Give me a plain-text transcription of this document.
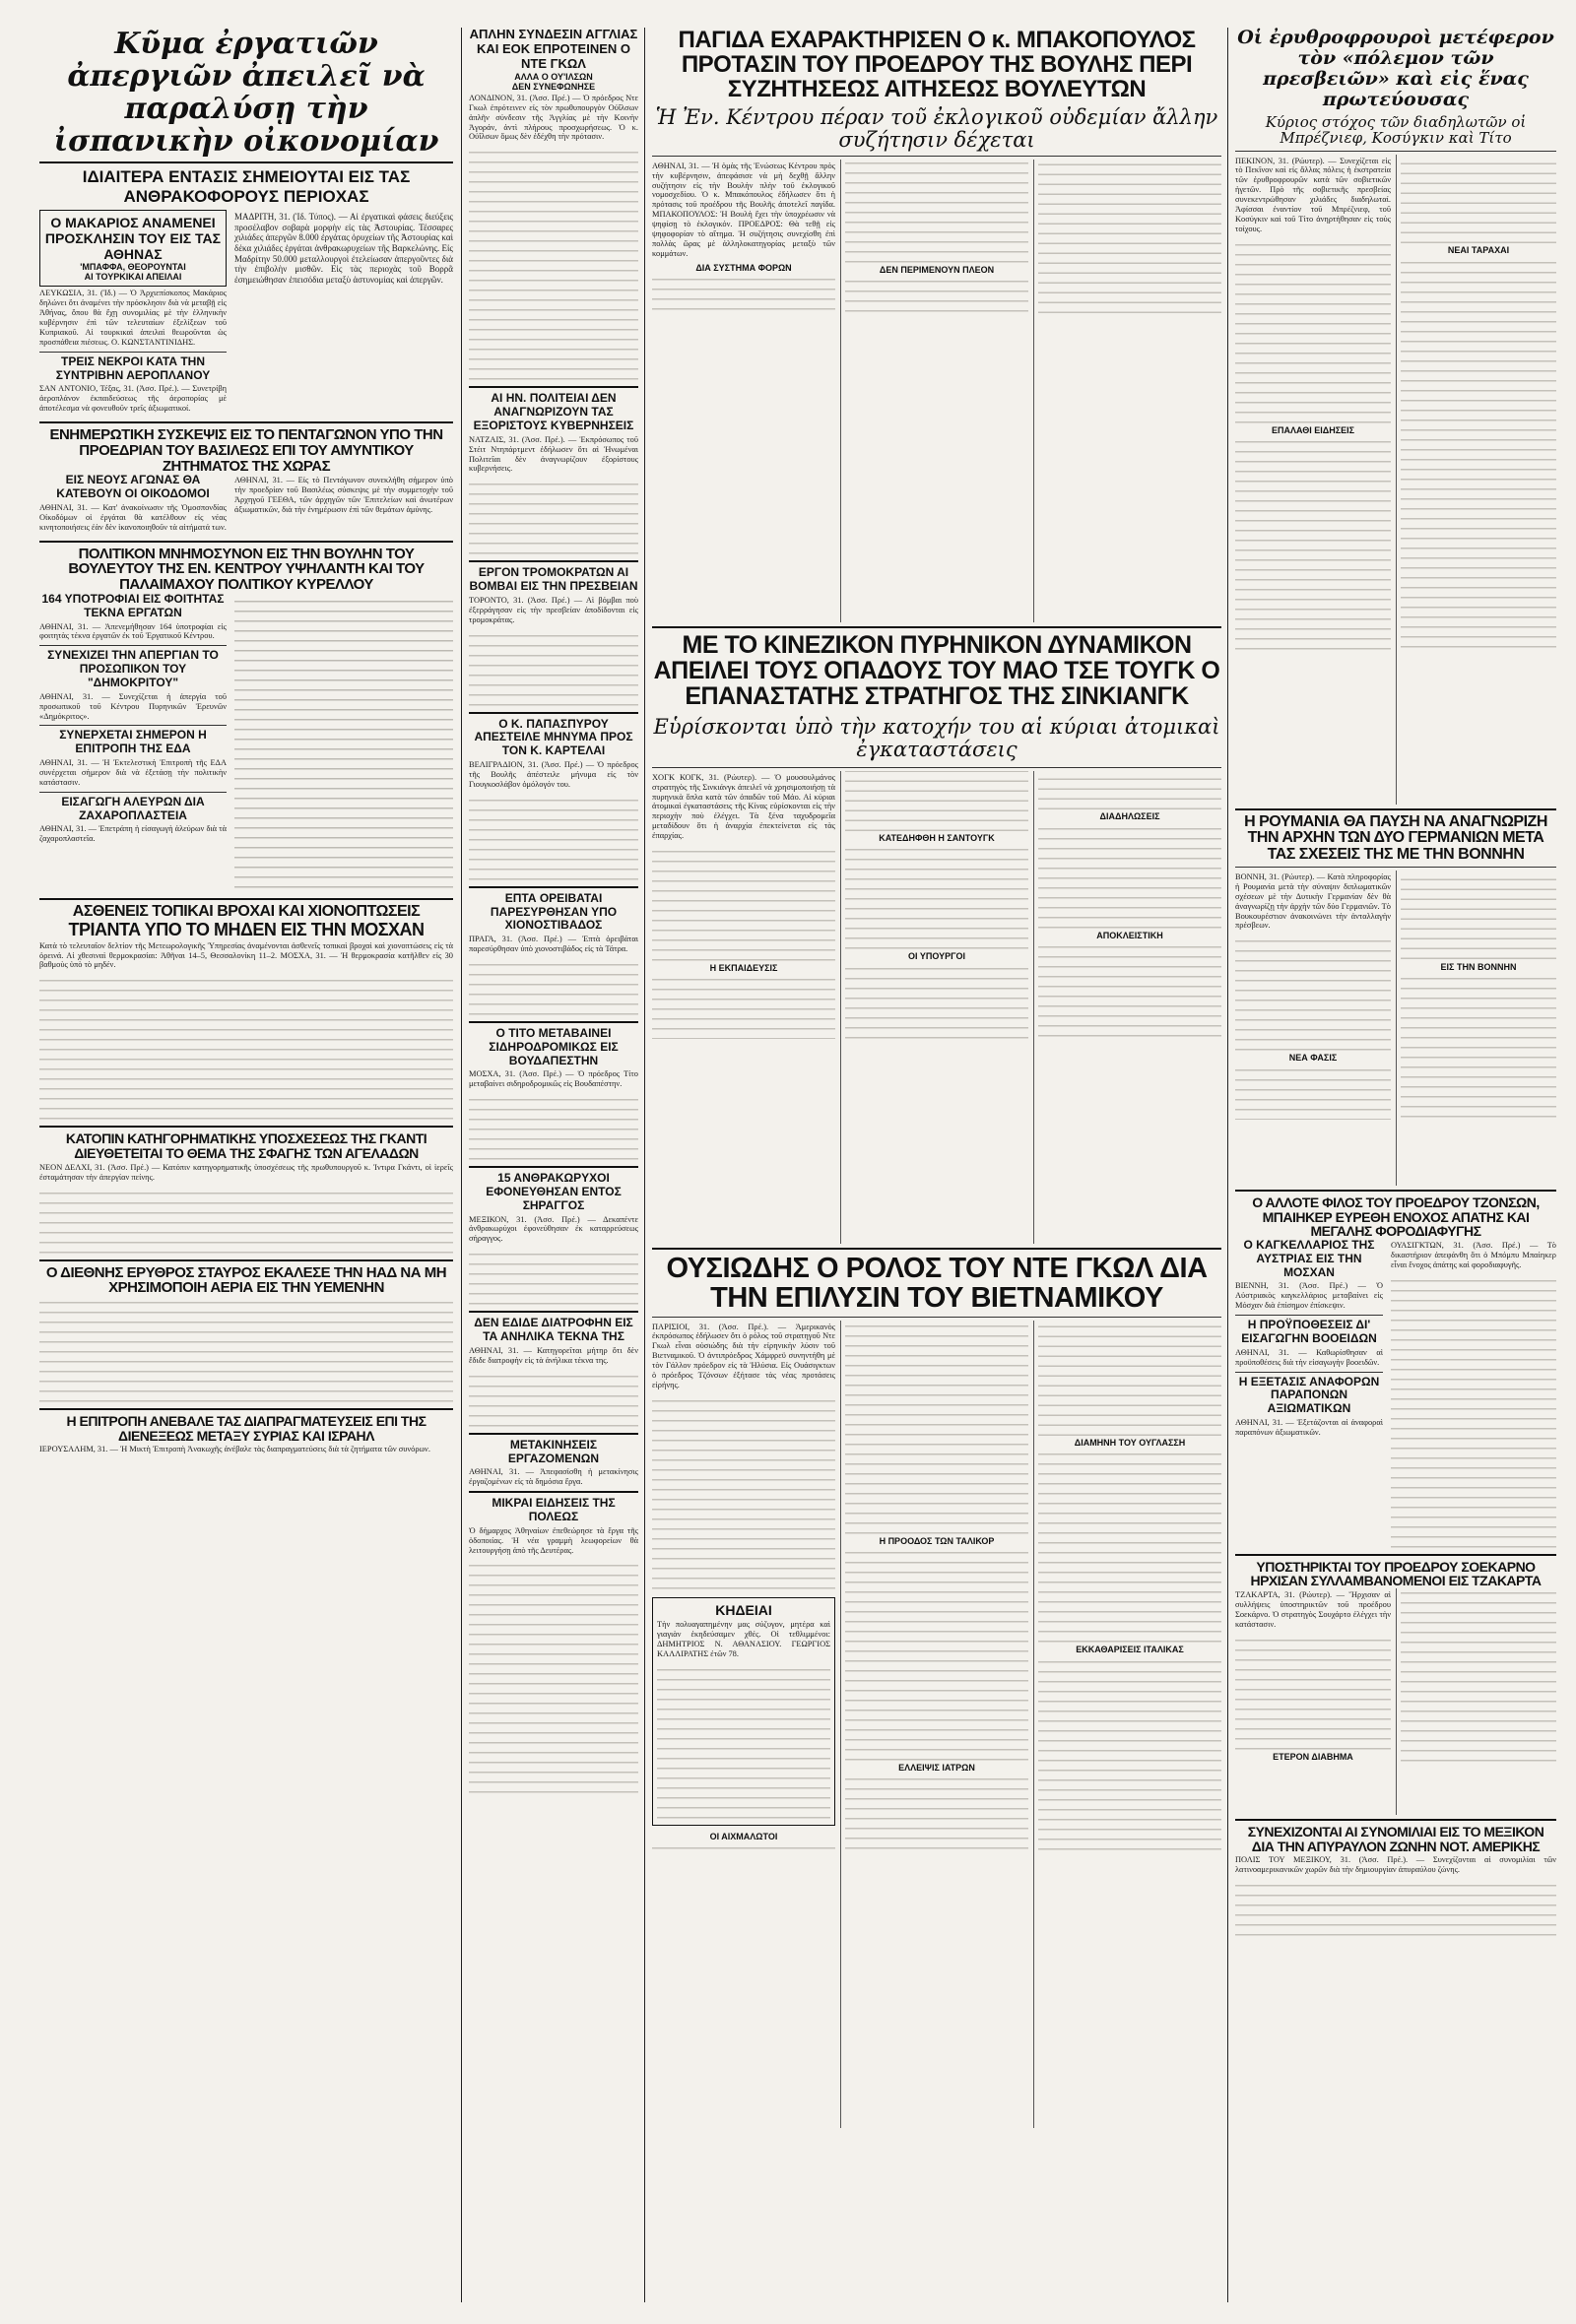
Κῦμα ἐργατιῶν ἀπεργιῶν ἀπειλεῖ νὰ παραλύσῃ τὴν ἰσπανικὴν οἰκονομίαν
ΙΔΙΑΙΤΕΡΑ ΕΝΤΑΣΙΣ ΣΗΜΕΙΟΥΤΑΙ ΕΙΣ ΤΑΣ ΑΝΘΡΑΚΟΦΟΡΟΥΣ ΠΕΡΙΟΧΑΣ
Ο ΜΑΚΑΡΙΟΣ ΑΝΑΜΕΝΕΙ ΠΡΟΣΚΛΗΣΙΝ ΤΟΥ ΕΙΣ ΤΑΣ ΑΘΗΝΑΣ
'ΜΠΑΦΦΑ, ΘΕΟΡΟΥΝΤΑΙ
ΑΙ ΤΟΥΡΚΙΚΑΙ ΑΠΕΙΛΑΙ

ΛΕΥΚΩΣΙΑ, 31. (Ἰδ.) — Ὁ Ἀρχιεπίσκοπος Μακάριος δηλώνει ὅτι ἀναμένει τὴν πρόσκλησιν διὰ νὰ μεταβῇ εἰς Ἀθήνας, ὅπου θὰ ἔχῃ συνομιλίας μὲ τὴν ἑλληνικὴν κυβέρνησιν ἐπὶ τῶν τελευταίων ἐξελίξεων τοῦ Κυπριακοῦ. Αἱ τουρκικαὶ ἀπειλαὶ θεωροῦνται ὡς προσπάθεια πιέσεως. Ο. ΚΩΝΣΤΑΝΤΙΝΙΔΗΣ.

ΤΡΕΙΣ ΝΕΚΡΟΙ ΚΑΤΑ ΤΗΝ ΣΥΝΤΡΙΒΗΝ ΑΕΡΟΠΛΑΝΟΥ

ΣΑΝ ΑΝΤΟΝΙΟ, Τέξας, 31. (Ἀσσ. Πρέ.). — Συνετρίβη ἀεροπλάνον ἐκπαιδεύσεως τῆς ἀεροπορίας μὲ ἀποτέλεσμα νὰ φονευθοῦν τρεῖς ἀξιωματικοί.

ΜΑΔΡΙΤΗ, 31. (Ἰδ. Τύπος). — Αἱ ἐργατικαὶ φάσεις διεύξεις προσέλαβον σοβαρὰ μορφὴν εἰς τὰς Ἀστουρίας. Τέσσαρες χιλιάδες ἀπεργῶν 8.000 ἐργάτας ὁρυχείων τῆς Ἀστουρίας καὶ δέκα χιλιάδες ἐργάται ἀνθρακωρυχείων τῆς Βαρκελώνης. Εἰς Μαδρίτην 50.000 μεταλλουργοὶ ἐτελείωσαν ἀπεργοῦντες διὰ τὴν ἐπιβολὴν μισθῶν. Εἰς τὰς περιοχὰς τοῦ Βορρᾶ ἐσημειώθησαν ἐπεισόδια μεταξὺ ἀστυνομίας καὶ ἀπεργῶν.

ΕΝΗΜΕΡΩΤΙΚΗ ΣΥΣΚΕΨΙΣ ΕΙΣ ΤΟ ΠΕΝΤΑΓΩΝΟΝ ΥΠΟ ΤΗΝ ΠΡΟΕΔΡΙΑΝ ΤΟΥ ΒΑΣΙΛΕΩΣ ΕΠΙ ΤΟΥ ΑΜΥΝΤΙΚΟΥ ΖΗΤΗΜΑΤΟΣ ΤΗΣ ΧΩΡΑΣ
ΕΙΣ ΝΕΟΥΣ ΑΓΩΝΑΣ ΘΑ ΚΑΤΕΒΟΥΝ ΟΙ ΟΙΚΟΔΟΜΟΙ

ΑΘΗΝΑΙ, 31. — Κατ' ἀνακοίνωσιν τῆς Ὁμοσπονδίας Οἰκοδόμων οἱ ἐργάται θὰ κατέλθουν εἰς νέας κινητοποιήσεις ἐὰν δὲν ἱκανοποιηθοῦν τὰ αἰτήματά των.

ΑΘΗΝΑΙ, 31. — Εἰς τὸ Πεντάγωνον συνεκλήθη σήμερον ὑπὸ τὴν προεδρίαν τοῦ Βασιλέως σύσκεψις μὲ τὴν συμμετοχὴν τοῦ Ἀρχηγοῦ ΓΕΕΘΑ, τῶν ἀρχηγῶν τῶν Ἐπιτελείων καὶ ἀνωτέρων ἀξιωματικῶν, διὰ τὴν ἐνημέρωσιν ἐπὶ τῶν θεμάτων ἀμύνης.

ΠΟΛΙΤΙΚΟΝ ΜΝΗΜΟΣΥΝΟΝ ΕΙΣ ΤΗΝ ΒΟΥΛΗΝ ΤΟΥ ΒΟΥΛΕΥΤΟΥ ΤΗΣ ΕΝ. ΚΕΝΤΡΟΥ ΥΨΗΛΑΝΤΗ ΚΑΙ ΤΟΥ ΠΑΛΑΙΜΑΧΟΥ ΠΟΛΙΤΙΚΟΥ ΚΥΡΕΛΛΟΥ
164 ΥΠΟΤΡΟΦΙΑΙ ΕΙΣ ΦΟΙΤΗΤΑΣ ΤΕΚΝΑ ΕΡΓΑΤΩΝ

ΑΘΗΝΑΙ, 31. — Ἀπενεμήθησαν 164 ὑποτροφίαι εἰς φοιτητὰς τέκνα ἐργατῶν ἐκ τοῦ Ἐργατικοῦ Κέντρου.

ΣΥΝΕΧΙΖΕΙ ΤΗΝ ΑΠΕΡΓΙΑΝ ΤΟ ΠΡΟΣΩΠΙΚΟΝ ΤΟΥ "ΔΗΜΟΚΡΙΤΟΥ"

ΑΘΗΝΑΙ, 31. — Συνεχίζεται ἡ ἀπεργία τοῦ προσωπικοῦ τοῦ Κέντρου Πυρηνικῶν Ἐρευνῶν «Δημόκριτος».

ΣΥΝΕΡΧΕΤΑΙ ΣΗΜΕΡΟΝ Η ΕΠΙΤΡΟΠΗ ΤΗΣ ΕΔΑ

ΑΘΗΝΑΙ, 31. — Ἡ Ἐκτελεστικὴ Ἐπιτροπὴ τῆς ΕΔΑ συνέρχεται σήμερον διὰ νὰ ἐξετάσῃ τὴν πολιτικὴν κατάστασιν.

ΕΙΣΑΓΩΓΗ ΑΛΕΥΡΩΝ ΔΙΑ ΖΑΧΑΡΟΠΛΑΣΤΕΙΑ

ΑΘΗΝΑΙ, 31. — Ἐπετράπη ἡ εἰσαγωγὴ ἀλεύρων διὰ τὰ ζαχαροπλαστεῖα.

ΑΣΘΕΝΕΙΣ ΤΟΠΙΚΑΙ ΒΡΟΧΑΙ ΚΑΙ ΧΙΟΝΟΠΤΩΣΕΙΣ
ΤΡΙΑΝΤΑ ΥΠΟ ΤΟ ΜΗΔΕΝ ΕΙΣ ΤΗΝ ΜΟΣΧΑΝ

Κατὰ τὸ τελευταῖον δελτίον τῆς Μετεωρολογικῆς Ὑπηρεσίας ἀναμένονται ἀσθενεῖς τοπικαὶ βροχαὶ καὶ χιονοπτώσεις εἰς τὰ ὀρεινά. Αἱ χθεσιναὶ θερμοκρασίαι: Ἀθῆναι 14–5, Θεσσαλονίκη 11–2. ΜΟΣΧΑ, 31. — Ἡ θερμοκρασία κατῆλθεν εἰς 30 βαθμοὺς ὑπὸ τὸ μηδέν.

ΚΑΤΟΠΙΝ ΚΑΤΗΓΟΡΗΜΑΤΙΚΗΣ ΥΠΟΣΧΕΣΕΩΣ ΤΗΣ ΓΚΑΝΤΙ ΔΙΕΥΘΕΤΕΙΤΑΙ ΤΟ ΘΕΜΑ ΤΗΣ ΣΦΑΓΗΣ ΤΩΝ ΑΓΕΛΑΔΩΝ

ΝΕΟΝ ΔΕΛΧΙ, 31. (Ἀσσ. Πρέ.) — Κατόπιν κατηγορηματικῆς ὑποσχέσεως τῆς πρωθυπουργοῦ κ. Ἰντιρα Γκάντι, οἱ ἱερεῖς ἐσταμάτησαν τὴν ἀπεργίαν πείνης.

Ο ΔΙΕΘΝΗΣ ΕΡΥΘΡΟΣ ΣΤΑΥΡΟΣ ΕΚΑΛΕΣΕ ΤΗΝ ΗΑΔ ΝΑ ΜΗ ΧΡΗΣΙΜΟΠΟΙΗ ΑΕΡΙΑ ΕΙΣ ΤΗΝ ΥΕΜΕΝΗΝ
Η ΕΠΙΤΡΟΠΗ ΑΝΕΒΑΛΕ ΤΑΣ ΔΙΑΠΡΑΓΜΑΤΕΥΣΕΙΣ ΕΠΙ ΤΗΣ ΔΙΕΝΕΞΕΩΣ ΜΕΤΑΞΥ ΣΥΡΙΑΣ ΚΑΙ ΙΣΡΑΗΛ

ΙΕΡΟΥΣΑΛΗΜ, 31. — Ἡ Μικτὴ Ἐπιτροπὴ Ἀνακωχῆς ἀνέβαλε τὰς διαπραγματεύσεις διὰ τὰ ζητήματα τῶν συνόρων.

ΑΠΛΗΝ ΣΥΝΔΕΣΙΝ ΑΓΓΛΙΑΣ ΚΑΙ ΕΟΚ ΕΠΡΟΤΕΙΝΕΝ Ο ΝΤΕ ΓΚΩΛ
ΑΛΛΑ Ο ΟΥ'ΙΛΣΩΝ
ΔΕΝ ΣΥΝΕΦΩΝΗΣΕ

ΛΟΝΔΙΝΟΝ, 31. (Ἀσσ. Πρέ.) — Ὁ πρόεδρος Ντε Γκωλ ἐπρότεινεν εἰς τὸν πρωθυπουργὸν Οὐΐλσων ἁπλῆν σύνδεσιν τῆς Ἀγγλίας μὲ τὴν Κοινὴν Ἀγοράν, ἀντὶ πλήρους προσχωρήσεως. Ὁ κ. Οὐΐλσων ὅμως δὲν ἐδέχθη τὴν πρότασιν.

ΑΙ ΗΝ. ΠΟΛΙΤΕΙΑΙ ΔΕΝ ΑΝΑΓΝΩΡΙΖΟΥΝ ΤΑΣ ΕΞΟΡΙΣΤΟΥΣ ΚΥΒΕΡΝΗΣΕΙΣ

ΝΑΤΖΑΙΣ, 31. (Ἀσσ. Πρέ.). — Ἐκπρόσωπος τοῦ Στέιτ Ντηπάρτμεντ ἐδήλωσεν ὅτι αἱ Ἡνωμέναι Πολιτεῖαι δὲν ἀναγνωρίζουν ἐξορίστους κυβερνήσεις.

ΕΡΓΟΝ ΤΡΟΜΟΚΡΑΤΩΝ ΑΙ ΒΟΜΒΑΙ ΕΙΣ ΤΗΝ ΠΡΕΣΒΕΙΑΝ

ΤΟΡΟΝΤΟ, 31. (Ἀσσ. Πρέ.) — Αἱ βόμβαι ποὺ ἐξερράγησαν εἰς τὴν πρεσβείαν ἀποδίδονται εἰς τρομοκράτας.

Ο Κ. ΠΑΠΑΣΠΥΡΟΥ ΑΠΕΣΤΕΙΛΕ ΜΗΝΥΜΑ ΠΡΟΣ ΤΟΝ Κ. ΚΑΡΤΕΛΑΙ

ΒΕΛΙΓΡΑΔΙΟΝ, 31. (Ἀσσ. Πρέ.) — Ὁ πρόεδρος τῆς Βουλῆς ἀπέστειλε μήνυμα εἰς τὸν Γιουγκοσλάβον ὁμόλογόν του.

ΕΠΤΑ ΟΡΕΙΒΑΤΑΙ ΠΑΡΕΣΥΡΘΗΣΑΝ ΥΠΟ ΧΙΟΝΟΣΤΙΒΑΔΟΣ

ΠΡΑΓΑ, 31. (Ἀσσ. Πρέ.) — Ἑπτὰ ὀρειβάται παρεσύρθησαν ὑπὸ χιονοστιβάδος εἰς τὰ Τάτρα.

Ο ΤΙΤΟ ΜΕΤΑΒΑΙΝΕΙ ΣΙΔΗΡΟΔΡΟΜΙΚΩΣ ΕΙΣ ΒΟΥΔΑΠΕΣΤΗΝ

ΜΟΣΧΑ, 31. (Ἀσσ. Πρέ.) — Ὁ πρόεδρος Τίτο μεταβαίνει σιδηροδρομικῶς εἰς Βουδαπέστην.

15 ΑΝΘΡΑΚΩΡΥΧΟΙ ΕΦΟΝΕΥΘΗΣΑΝ ΕΝΤΟΣ ΣΗΡΑΓΓΟΣ

ΜΕΞΙΚΟΝ, 31. (Ἀσσ. Πρέ.) — Δεκαπέντε ἀνθρακωρύχοι ἐφονεύθησαν ἐκ καταρρεύσεως σήραγγος.

ΔΕΝ ΕΔΙΔΕ ΔΙΑΤΡΟΦΗΝ ΕΙΣ ΤΑ ΑΝΗΛΙΚΑ ΤΕΚΝΑ ΤΗΣ

ΑΘΗΝΑΙ, 31. — Κατηγορεῖται μήτηρ ὅτι δὲν ἔδιδε διατροφὴν εἰς τὰ ἀνήλικα τέκνα της.

ΜΕΤΑΚΙΝΗΣΕΙΣ ΕΡΓΑΖΟΜΕΝΩΝ

ΑΘΗΝΑΙ, 31. — Ἀπεφασίσθη ἡ μετακίνησις ἐργαζομένων εἰς τὰ δημόσια ἔργα.

ΜΙΚΡΑΙ ΕΙΔΗΣΕΙΣ ΤΗΣ ΠΟΛΕΩΣ

Ὁ δήμαρχος Ἀθηναίων ἐπεθεώρησε τὰ ἔργα τῆς ὁδοποιίας. Ἡ νέα γραμμὴ λεωφορείων θὰ λειτουργήσῃ ἀπὸ τῆς Δευτέρας.

ΠΑΓΙΔΑ ΕΧΑΡΑΚΤΗΡΙΣΕΝ Ο κ. ΜΠΑΚΟΠΟΥΛΟΣ ΠΡΟΤΑΣΙΝ ΤΟΥ ΠΡΟΕΔΡΟΥ ΤΗΣ ΒΟΥΛΗΣ ΠΕΡΙ ΣΥΖΗΤΗΣΕΩΣ ΑΙΤΗΣΕΩΣ ΒΟΥΛΕΥΤΩΝ
Ἡ Ἐν. Κέντρου πέραν τοῦ ἐκλογικοῦ οὐδεμίαν ἄλλην συζήτησιν δέχεται

ΑΘΗΝΑΙ, 31. — Ἡ ὁμὰς τῆς Ἑνώσεως Κέντρου πρὸς τὴν κυβέρνησιν, ἀπεφάσισε νὰ μὴ δεχθῇ ἄλλην συζήτησιν εἰς τὴν Βουλὴν πλὴν τοῦ ἐκλογικοῦ νομοσχεδίου. Ὁ κ. Μπακόπουλος ἐδήλωσεν ὅτι ἡ πρότασις τοῦ προέδρου τῆς Βουλῆς ἀποτελεῖ παγίδα. ΜΠΑΚΟΠΟΥΛΟΣ: Ἡ Βουλὴ ἔχει τὴν ὑποχρέωσιν νὰ ψηφίσῃ τὸ ἐκλογικόν. ΠΡΟΕΔΡΟΣ: Θὰ τεθῇ εἰς ψηφοφορίαν τὸ αἴτημα. Ἡ συζήτησις συνεχίσθη ἐπὶ πολλὰς ὥρας μὲ ἀλληλοκατηγορίας μεταξὺ τῶν κομμάτων.

ΔΙΑ ΣΥΣΤΗΜΑ ΦΟΡΩΝ	ΔΕΝ ΠΕΡΙΜΕΝΟΥΝ ΠΛΕΟΝ
ΜΕ ΤΟ ΚΙΝΕΖΙΚΟΝ ΠΥΡΗΝΙΚΟΝ ΔΥΝΑΜΙΚΟΝ ΑΠΕΙΛΕΙ ΤΟΥΣ ΟΠΑΔΟΥΣ ΤΟΥ ΜΑΟ ΤΣΕ ΤΟΥΓΚ Ο ΕΠΑΝΑΣΤΑΤΗΣ ΣΤΡΑΤΗΓΟΣ ΤΗΣ ΣΙΝΚΙΑΝΓΚ
Εὑρίσκονται ὑπὸ τὴν κατοχήν του αἱ κύριαι ἀτομικαὶ ἐγκαταστάσεις

ΧΟΓΚ ΚΟΓΚ, 31. (Ρώυτερ). — Ὁ μουσουλμάνος στρατηγὸς τῆς Σινκιάνγκ ἀπειλεῖ νὰ χρησιμοποιήσῃ τὰ πυρηνικὰ ὅπλα κατὰ τῶν ὀπαδῶν τοῦ Μάο. Αἱ κύριαι ἀτομικαὶ ἐγκαταστάσεις τῆς Κίνας εὑρίσκονται εἰς τὴν περιοχὴν ποὺ ἐλέγχει. Τὰ ξένα ταχυδρομεῖα μεταδίδουν ὅτι ἡ ἀναρχία ἐπεκτείνεται εἰς τὰς ἐπαρχίας.

Η ΕΚΠΑΙΔΕΥΣΙΣ
ΚΑΤΕΔΗΦΘΗ Η ΣΑΝΤΟΥΓΚ
ΟΙ ΥΠΟΥΡΓΟΙ
ΔΙΑΔΗΛΩΣΕΙΣ
ΑΠΟΚΛΕΙΣΤΙΚΗ
ΟΥΣΙΩΔΗΣ Ο ΡΟΛΟΣ ΤΟΥ ΝΤΕ ΓΚΩΛ ΔΙΑ ΤΗΝ ΕΠΙΛΥΣΙΝ ΤΟΥ ΒΙΕΤΝΑΜΙΚΟΥ

ΠΑΡΙΣΙΟΙ, 31. (Ἀσσ. Πρέ.). — Ἀμερικανὸς ἐκπρόσωπος ἐδήλωσεν ὅτι ὁ ρόλος τοῦ στρατηγοῦ Ντε Γκωλ εἶναι οὐσιώδης διὰ τὴν εἰρηνικὴν λύσιν τοῦ Βιετναμικοῦ. Ὁ ἀντιπρόεδρος Χάμφρεϋ συνηντήθη μὲ τὸν Γάλλον πρόεδρον εἰς τὰ Ἠλύσια. Εἰς Ουάσιγκτων ὁ πρόεδρος Τζόνσων ἐξήτασε τὰς νέας προτάσεις εἰρήνης.

ΚΗΔΕΙΑΙ

Τὴν πολυαγαπημένην μας σύζυγον, μητέρα καὶ γιαγιὰν ἐκηδεύσαμεν χθές. Οἱ τεθλιμμένοι: ΔΗΜΗΤΡΙΟΣ Ν. ΑΘΑΝΑΣΙΟΥ. ΓΕΩΡΓΙΟΣ ΚΑΛΛΙΡΑΤΗΣ ἐτῶν 78.

ΟΙ ΑΙΧΜΑΛΩΤΟΙ
Η ΠΡΟΟΔΟΣ ΤΩΝ ΤΑΛΙΚΟΡ
ΕΛΛΕΙΨΙΣ ΙΑΤΡΩΝ
ΔΙΑΜΗΝΗ ΤΟΥ ΟΥΓΛΑΣΣΗ
ΕΚΚΑΘΑΡΙΣΕΙΣ ΙΤΑΛΙΚΑΣ
Οἱ ἐρυθροφρουροὶ μετέφερον τὸν «πόλεμον τῶν πρεσβειῶν» καὶ εἰς ἕνας πρωτεύουσας
Κύριος στόχος τῶν διαδηλωτῶν οἱ Μπρέζνιεφ, Κοσύγκιν καὶ Τίτο

ΠΕΚΙΝΟΝ, 31. (Ρώυτερ). — Συνεχίζεται εἰς τὸ Πεκῖνον καὶ εἰς ἄλλας πόλεις ἡ ἐκστρατεία τῶν ἐρυθροφρουρῶν κατὰ τῶν σοβιετικῶν ἡγετῶν. Πρὸ τῆς σοβιετικῆς πρεσβείας συνεκεντρώθησαν χιλιάδες διαδηλωταί. Ἀφίσσαι ἐναντίον τοῦ Μπρέζνιεφ, τοῦ Κοσύγκιν καὶ τοῦ Τίτο ἀνηρτήθησαν εἰς τοὺς τοίχους.

ΕΠΑΛΑΘΙ ΕΙΔΗΣΕΙΣ
ΝΕΑΙ ΤΑΡΑΧΑΙ
Η ΡΟΥΜΑΝΙΑ ΘΑ ΠΑΥΣΗ ΝΑ ΑΝΑΓΝΩΡΙΖΗ ΤΗΝ ΑΡΧΗΝ ΤΩΝ ΔΥΟ ΓΕΡΜΑΝΙΩΝ ΜΕΤΑ ΤΑΣ ΣΧΕΣΕΙΣ ΤΗΣ ΜΕ ΤΗΝ ΒΟΝΝΗΝ

ΒΟΝΝΗ, 31. (Ρώυτερ). — Κατὰ πληροφορίας ἡ Ρουμανία μετὰ τὴν σύναψιν διπλωματικῶν σχέσεων μὲ τὴν Δυτικὴν Γερμανίαν δὲν θὰ ἀναγνωρίζῃ τὴν ἀρχὴν τῶν δύο Γερμανιῶν. Τὸ Βουκουρέστιον ἀνακοινώνει τὴν ἀνταλλαγὴν πρέσβεων.

ΝΕΑ ΦΑΣΙΣ
ΕΙΣ ΤΗΝ ΒΟΝΝΗΝ
Ο ΑΛΛΟΤΕ ΦΙΛΟΣ ΤΟΥ ΠΡΟΕΔΡΟΥ ΤΖΟΝΣΩΝ, ΜΠΑΙΗΚΕΡ ΕΥΡΕΘΗ ΕΝΟΧΟΣ ΑΠΑΤΗΣ ΚΑΙ ΜΕΓΑΛΗΣ ΦΟΡΟΔΙΑΦΥΓΗΣ
Ο ΚΑΓΚΕΛΛΑΡΙΟΣ ΤΗΣ ΑΥΣΤΡΙΑΣ ΕΙΣ ΤΗΝ ΜΟΣΧΑΝ

ΒΙΕΝΝΗ, 31. (Ἀσσ. Πρέ.) — Ὁ Αὐστριακὸς καγκελλάριος μεταβαίνει εἰς Μόσχαν διὰ ἐπίσημον ἐπίσκεψιν.

Η ΠΡΟΫΠΟΘΕΣΕΙΣ ΔΙ' ΕΙΣΑΓΩΓΗΝ ΒΟΟΕΙΔΩΝ

ΑΘΗΝΑΙ, 31. — Καθωρίσθησαν αἱ προϋποθέσεις διὰ τὴν εἰσαγωγὴν βοοειδῶν.

Η ΕΞΕΤΑΣΙΣ ΑΝΑΦΟΡΩΝ ΠΑΡΑΠΟΝΩΝ ΑΞΙΩΜΑΤΙΚΩΝ

ΑΘΗΝΑΙ, 31. — Ἐξετάζονται αἱ ἀναφοραὶ παραπόνων ἀξιωματικῶν.

ΟΥΑΣΙΓΚΤΩΝ, 31. (Ἀσσ. Πρέ.) — Τὸ δικαστήριον ἀπεφάνθη ὅτι ὁ Μπόμπυ Μπαίηκερ εἶναι ἔνοχος ἀπάτης καὶ φοροδιαφυγῆς.

ΥΠΟΣΤΗΡΙΚΤΑΙ ΤΟΥ ΠΡΟΕΔΡΟΥ ΣΟΕΚΑΡΝΟ ΗΡΧΙΣΑΝ ΣΥΛΛΑΜΒΑΝΟΜΕΝΟΙ ΕΙΣ ΤΖΑΚΑΡΤΑ

ΤΖΑΚΑΡΤΑ, 31. (Ρώυτερ). — Ἤρχισαν αἱ συλλήψεις ὑποστηρικτῶν τοῦ προέδρου Σοεκάρνο. Ὁ στρατηγὸς Σουχάρτο ἐλέγχει τὴν κατάστασιν.

ΕΤΕΡΟΝ ΔΙΑΒΗΜΑ
ΣΥΝΕΧΙΖΟΝΤΑΙ ΑΙ ΣΥΝΟΜΙΛΙΑΙ ΕΙΣ ΤΟ ΜΕΞΙΚΟΝ ΔΙΑ ΤΗΝ ΑΠΥΡΑΥΛΟΝ ΖΩΝΗΝ ΝΟΤ. ΑΜΕΡΙΚΗΣ

ΠΟΛΙΣ ΤΟΥ ΜΕΞΙΚΟΥ, 31. (Ἀσσ. Πρέ.). — Συνεχίζονται αἱ συνομιλίαι τῶν λατινοαμερικανικῶν χωρῶν διὰ τὴν δημιουργίαν ἀπυραύλου ζώνης.
